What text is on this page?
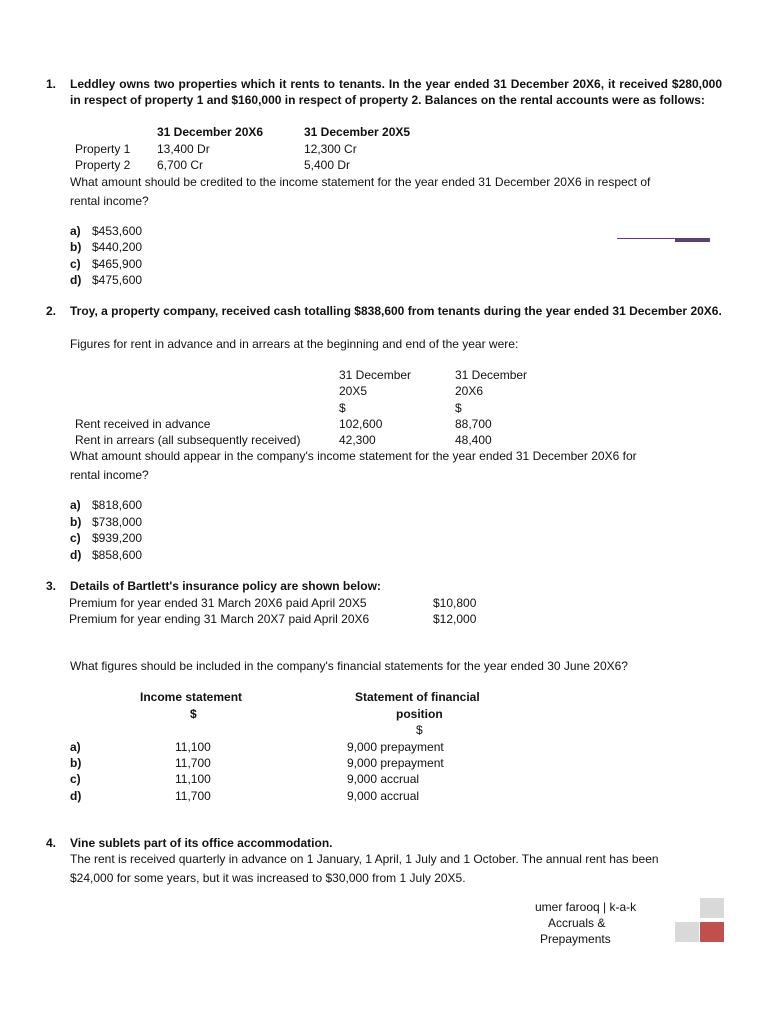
1. Leddley owns two properties which it rents to tenants. In the year ended 31 December 20X6, it received $280,000 in respect of property 1 and $160,000 in respect of property 2. Balances on the rental accounts were as follows:
31 December 20X6	31 December 20X5
Property 1 13,400 Dr	12,300 Cr
Property 2 6,700 Cr	5,400 Dr
What amount should be credited to the income statement for the year ended 31 December 20X6 in respect of
rental income?
a) $453,600
b) $440,200
c) $465,900
d) $475,600
2. Troy, a property company, received cash totalling $838,600 from tenants during the year ended 31 December 20X6.
Figures for rent in advance and in arrears at the beginning and end of the year were:
31 December	31 December
20X5	20X6
$	$
Rent received in advance	102,600	88,700
Rent in arrears (all subsequently received)	42,300	48,400
What amount should appear in the company's income statement for the year ended 31 December 20X6 for
rental income?
a) $818,600
b) $738,000
c) $939,200
d) $858,600
3. Details of Bartlett's insurance policy are shown below:
Premium for year ended 31 March 20X6 paid April 20X5	$10,800
Premium for year ending 31 March 20X7 paid April 20X6	$12,000
What figures should be included in the company's financial statements for the year ended 30 June 20X6?
Income statement
$
Statement of financial
position
$
a)	11,100	9,000 prepayment
b)	11,700	9,000 prepayment
c)	11,100	9,000 accrual
d)	11,700	9,000 accrual
4. Vine sublets part of its office accommodation.
The rent is received quarterly in advance on 1 January, 1 April, 1 July and 1 October. The annual rent has been
$24,000 for some years, but it was increased to $30,000 from 1 July 20X5.
umer farooq | k-a-k
Accruals &
Prepayments
